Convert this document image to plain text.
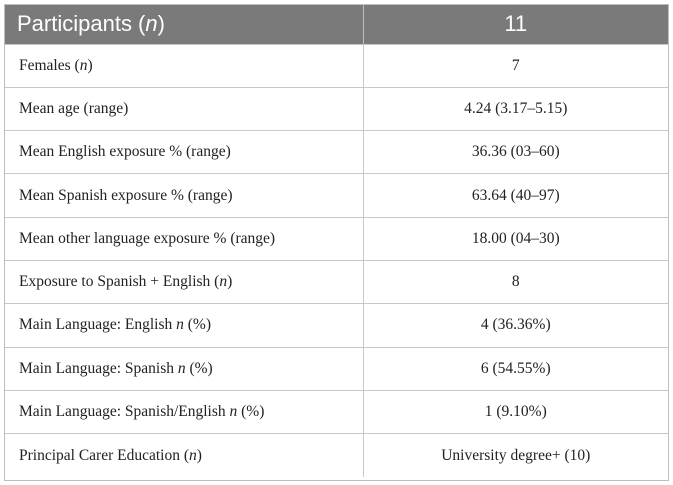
Participants (n)	11
Females (n)	7
Mean age (range)	4.24 (3.17–5.15)
Mean English exposure % (range)	36.36 (03–60)
Mean Spanish exposure % (range)	63.64 (40–97)
Mean other language exposure % (range)	18.00 (04–30)
Exposure to Spanish + English (n)	8
Main Language: English n (%)	4 (36.36%)
Main Language: Spanish n (%)	6 (54.55%)
Main Language: Spanish/English n (%)	1 (9.10%)
Principal Carer Education (n)	University degree+ (10)
